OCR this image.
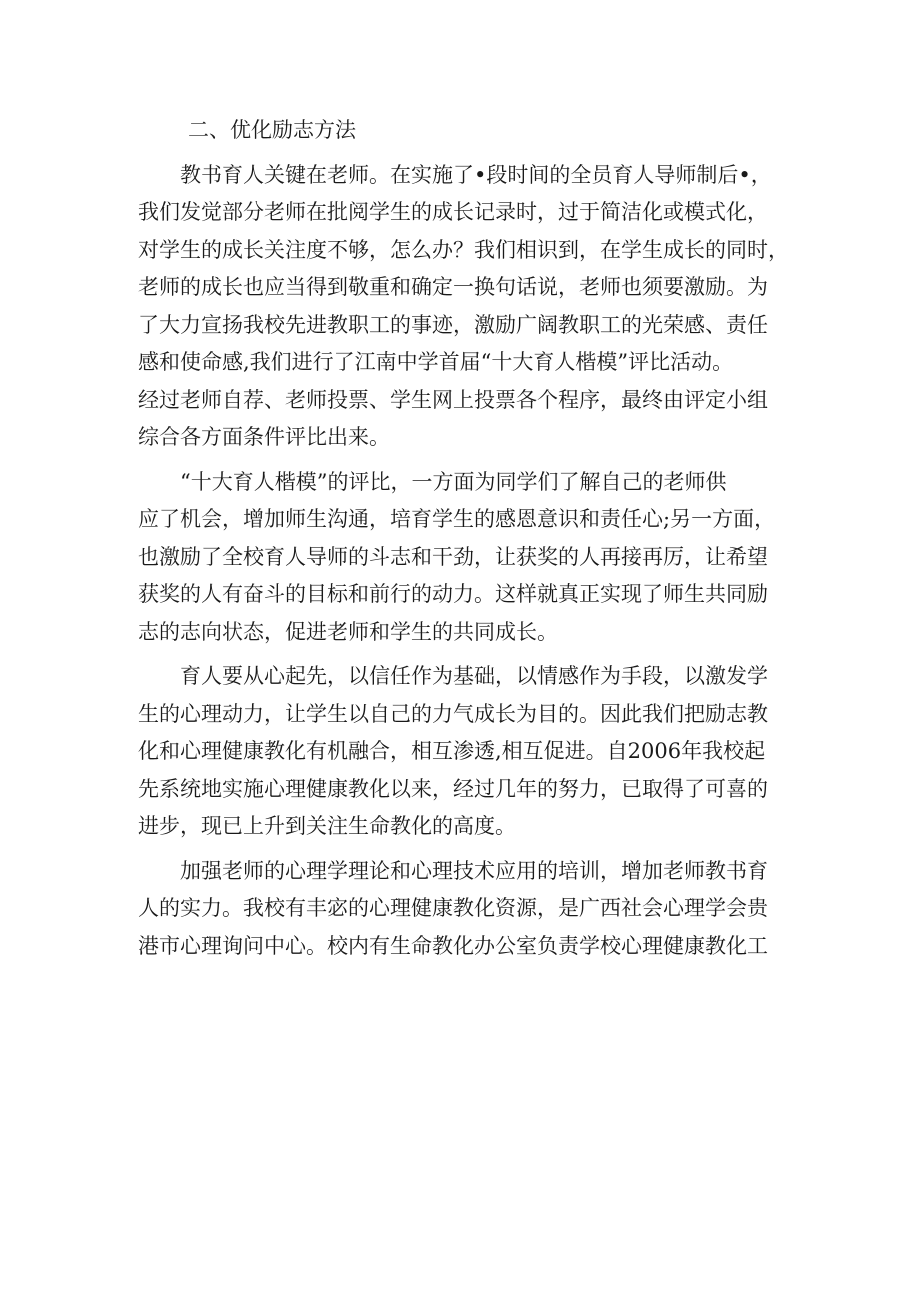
二、优化励志方法
教书育人关键在老师。在实施了•段时间的全员育人导师制后•，
我们发觉部分老师在批阅学生的成长记录时，过于简洁化或模式化，
对学生的成长关注度不够，怎么办？我们相识到，在学生成长的同时，
老师的成长也应当得到敬重和确定一换句话说，老师也须要激励。为
了大力宣扬我校先进教职工的事迹，激励广阔教职工的光荣感、责任
感和使命感,我们进行了江南中学首届“十大育人楷模”评比活动。
经过老师自荐、老师投票、学生网上投票各个程序，最终由评定小组
综合各方面条件评比出来。
“十大育人楷模”的评比，一方面为同学们了解自己的老师供
应了机会，增加师生沟通，培育学生的感恩意识和责任心;另一方面，
也激励了全校育人导师的斗志和干劲，让获奖的人再接再厉，让希望
获奖的人有奋斗的目标和前行的动力。这样就真正实现了师生共同励
志的志向状态，促进老师和学生的共同成长。
育人要从心起先，以信任作为基础，以情感作为手段，以激发学
生的心理动力，让学生以自己的力气成长为目的。因此我们把励志教
化和心理健康教化有机融合，相互渗透,相互促进。自2006年我校起
先系统地实施心理健康教化以来，经过几年的努力，已取得了可喜的
进步，现已上升到关注生命教化的高度。
加强老师的心理学理论和心理技术应用的培训，增加老师教书育
人的实力。我校有丰宓的心理健康教化资源，是广西社会心理学会贵
港市心理询问中心。校内有生命教化办公室负责学校心理健康教化工
